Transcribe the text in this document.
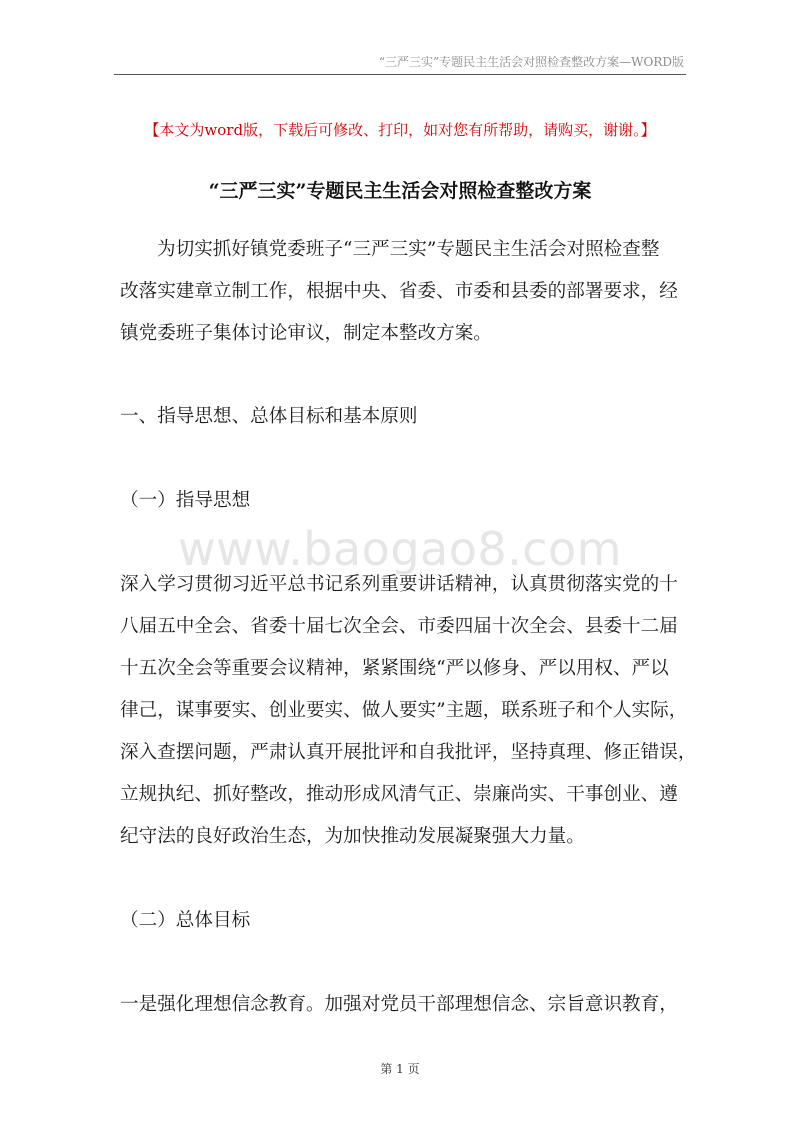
“三严三实”专题民主生活会对照检查整改方案—WORD版
【本文为word版，下载后可修改、打印，如对您有所帮助，请购买，谢谢。】
“三严三实”专题民主生活会对照检查整改方案
为切实抓好镇党委班子“三严三实”专题民主生活会对照检查整
改落实建章立制工作，根据中央、省委、市委和县委的部署要求，经
镇党委班子集体讨论审议，制定本整改方案。
一、指导思想、总体目标和基本原则
（一）指导思想
www.baogao8.com
深入学习贯彻习近平总书记系列重要讲话精神，认真贯彻落实党的十
八届五中全会、省委十届七次全会、市委四届十次全会、县委十二届
十五次全会等重要会议精神，紧紧围绕“严以修身、严以用权、严以
律己，谋事要实、创业要实、做人要实”主题，联系班子和个人实际，
深入查摆问题，严肃认真开展批评和自我批评，坚持真理、修正错误，
立规执纪、抓好整改，推动形成风清气正、崇廉尚实、干事创业、遵
纪守法的良好政治生态，为加快推动发展凝聚强大力量。
（二）总体目标
一是强化理想信念教育。加强对党员干部理想信念、宗旨意识教育，
第 1 页
